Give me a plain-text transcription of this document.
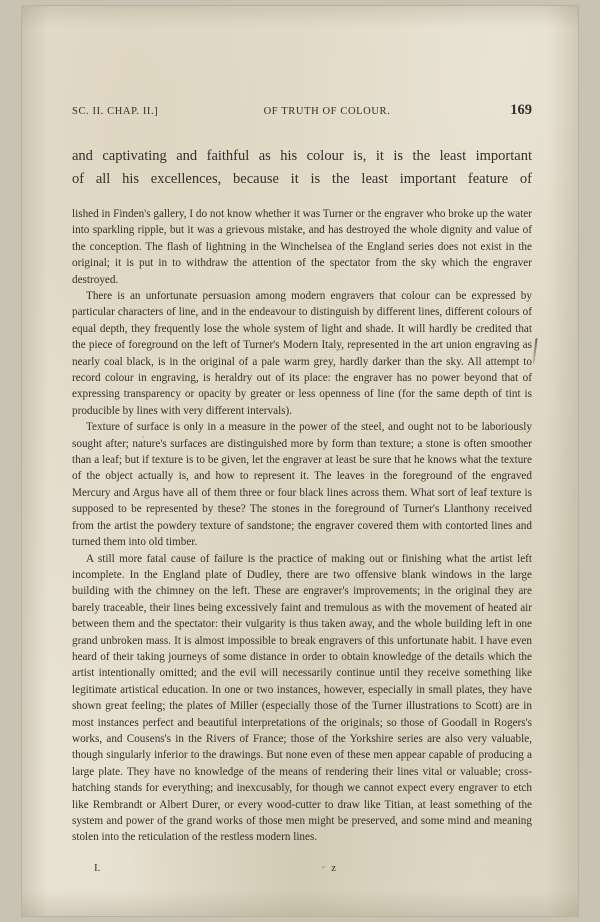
SC. II. CHAP. II.]	OF TRUTH OF COLOUR.	169
and captivating and faithful as his colour is, it is the least important
of all his excellences, because it is the least important feature of

lished in Finden's gallery, I do not know whether it was Turner or the engraver who broke up the water into sparkling ripple, but it was a grievous mistake, and has destroyed the whole dignity and value of the conception. The flash of lightning in the Winchelsea of the England series does not exist in the original; it is put in to withdraw the attention of the spectator from the sky which the engraver destroyed.

There is an unfortunate persuasion among modern engravers that colour can be expressed by particular characters of line, and in the endeavour to distinguish by different lines, different colours of equal depth, they frequently lose the whole system of light and shade. It will hardly be credited that the piece of foreground on the left of Turner's Modern Italy, represented in the art union engraving as nearly coal black, is in the original of a pale warm grey, hardly darker than the sky. All attempt to record colour in engraving, is heraldry out of its place: the engraver has no power beyond that of expressing transparency or opacity by greater or less openness of line (for the same depth of tint is producible by lines with very different intervals).

Texture of surface is only in a measure in the power of the steel, and ought not to be laboriously sought after; nature's surfaces are distinguished more by form than texture; a stone is often smoother than a leaf; but if texture is to be given, let the engraver at least be sure that he knows what the texture of the object actually is, and how to represent it. The leaves in the foreground of the engraved Mercury and Argus have all of them three or four black lines across them. What sort of leaf texture is supposed to be represented by these? The stones in the foreground of Turner's Llanthony received from the artist the powdery texture of sandstone; the engraver covered them with contorted lines and turned them into old timber.

A still more fatal cause of failure is the practice of making out or finishing what the artist left incomplete. In the England plate of Dudley, there are two offensive blank windows in the large building with the chimney on the left. These are engraver's improvements; in the original they are barely traceable, their lines being excessively faint and tremulous as with the movement of heated air between them and the spectator: their vulgarity is thus taken away, and the whole building left in one grand unbroken mass. It is almost impossible to break engravers of this unfortunate habit. I have even heard of their taking journeys of some distance in order to obtain knowledge of the details which the artist intentionally omitted; and the evil will necessarily continue until they receive something like legitimate artistical education. In one or two instances, however, especially in small plates, they have shown great feeling; the plates of Miller (especially those of the Turner illustrations to Scott) are in most instances perfect and beautiful interpretations of the originals; so those of Goodall in Rogers's works, and Cousens's in the Rivers of France; those of the Yorkshire series are also very valuable, though singularly inferior to the drawings. But none even of these men appear capable of producing a large plate. They have no knowledge of the means of rendering their lines vital or valuable; cross-hatching stands for everything; and inexcusably, for though we cannot expect every engraver to etch like Rembrandt or Albert Durer, or every wood-cutter to draw like Titian, at least something of the system and power of the grand works of those men might be preserved, and some mind and meaning stolen into the reticulation of the restless modern lines.

I.	z
